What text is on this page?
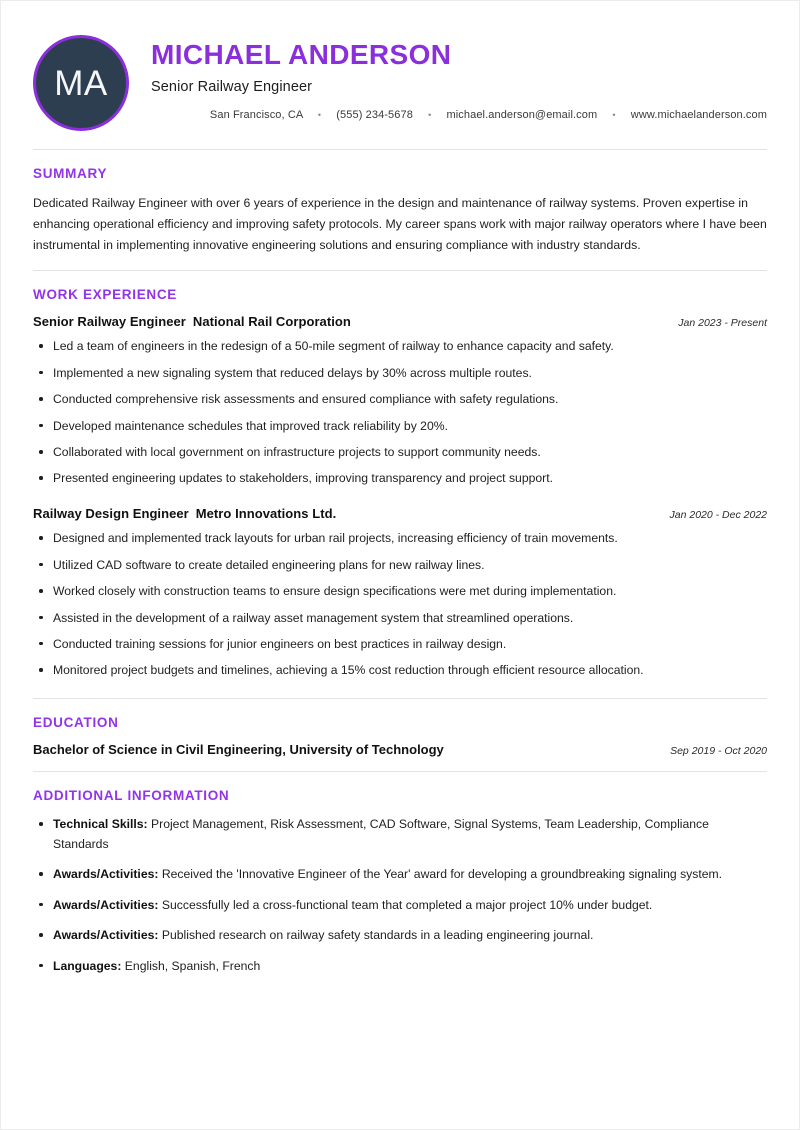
MA
MICHAEL ANDERSON
Senior Railway Engineer
San Francisco, CA • (555) 234-5678 • michael.anderson@email.com • www.michaelanderson.com
SUMMARY
Dedicated Railway Engineer with over 6 years of experience in the design and maintenance of railway systems. Proven expertise in enhancing operational efficiency and improving safety protocols. My career spans work with major railway operators where I have been instrumental in implementing innovative engineering solutions and ensuring compliance with industry standards.
WORK EXPERIENCE
Senior Railway Engineer National Rail Corporation	Jan 2023 - Present
Led a team of engineers in the redesign of a 50-mile segment of railway to enhance capacity and safety.
Implemented a new signaling system that reduced delays by 30% across multiple routes.
Conducted comprehensive risk assessments and ensured compliance with safety regulations.
Developed maintenance schedules that improved track reliability by 20%.
Collaborated with local government on infrastructure projects to support community needs.
Presented engineering updates to stakeholders, improving transparency and project support.
Railway Design Engineer Metro Innovations Ltd.	Jan 2020 - Dec 2022
Designed and implemented track layouts for urban rail projects, increasing efficiency of train movements.
Utilized CAD software to create detailed engineering plans for new railway lines.
Worked closely with construction teams to ensure design specifications were met during implementation.
Assisted in the development of a railway asset management system that streamlined operations.
Conducted training sessions for junior engineers on best practices in railway design.
Monitored project budgets and timelines, achieving a 15% cost reduction through efficient resource allocation.
EDUCATION
Bachelor of Science in Civil Engineering, University of Technology	Sep 2019 - Oct 2020
ADDITIONAL INFORMATION
Technical Skills: Project Management, Risk Assessment, CAD Software, Signal Systems, Team Leadership, Compliance Standards
Awards/Activities: Received the 'Innovative Engineer of the Year' award for developing a groundbreaking signaling system.
Awards/Activities: Successfully led a cross-functional team that completed a major project 10% under budget.
Awards/Activities: Published research on railway safety standards in a leading engineering journal.
Languages: English, Spanish, French
